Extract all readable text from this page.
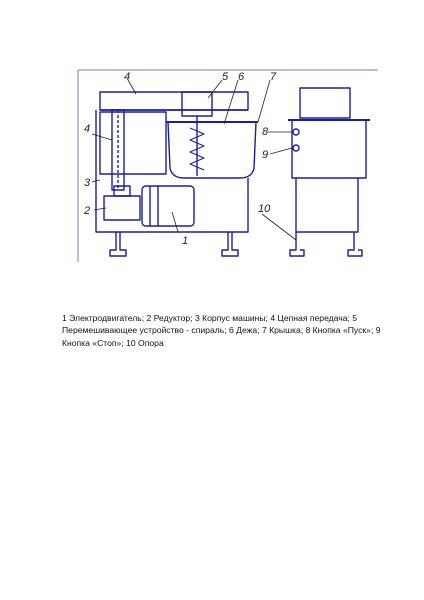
1
2
3
4
4
5 6 7
8
9
10
1 Электродвигатель; 2 Редуктор; 3 Корпус машины; 4 Цепная передача; 5 Перемешивающее устройство - спираль; 6 Дежа; 7 Крышка; 8 Кнопка «Пуск»; 9 Кнопка «Стоп»; 10 Опора
